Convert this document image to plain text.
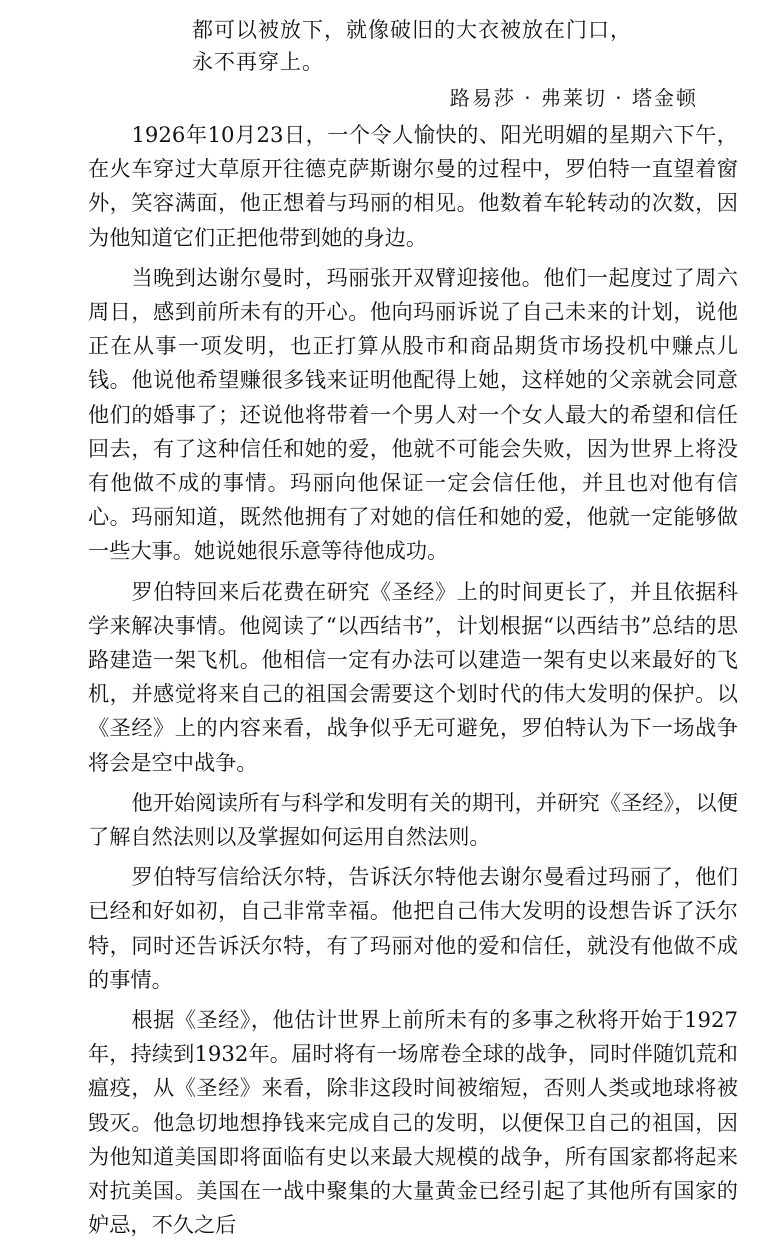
都可以被放下，就像破旧的大衣被放在门口，
永不再穿上。
路易莎 · 弗莱切 · 塔金顿

1926年10月23日，一个令人愉快的、阳光明媚的星期六下午，在火车穿过大草原开往德克萨斯谢尔曼的过程中，罗伯特一直望着窗外，笑容满面，他正想着与玛丽的相见。他数着车轮转动的次数，因为他知道它们正把他带到她的身边。

当晚到达谢尔曼时，玛丽张开双臂迎接他。他们一起度过了周六周日，感到前所未有的开心。他向玛丽诉说了自己未来的计划，说他正在从事一项发明，也正打算从股市和商品期货市场投机中赚点儿钱。他说他希望赚很多钱来证明他配得上她，这样她的父亲就会同意他们的婚事了；还说他将带着一个男人对一个女人最大的希望和信任回去，有了这种信任和她的爱，他就不可能会失败，因为世界上将没有他做不成的事情。玛丽向他保证一定会信任他，并且也对他有信心。玛丽知道，既然他拥有了对她的信任和她的爱，他就一定能够做一些大事。她说她很乐意等待他成功。

罗伯特回来后花费在研究《圣经》上的时间更长了，并且依据科学来解决事情。他阅读了“以西结书”，计划根据“以西结书”总结的思路建造一架飞机。他相信一定有办法可以建造一架有史以来最好的飞机，并感觉将来自己的祖国会需要这个划时代的伟大发明的保护。以《圣经》上的内容来看，战争似乎无可避免，罗伯特认为下一场战争将会是空中战争。

他开始阅读所有与科学和发明有关的期刊，并研究《圣经》，以便了解自然法则以及掌握如何运用自然法则。

罗伯特写信给沃尔特，告诉沃尔特他去谢尔曼看过玛丽了，他们已经和好如初，自己非常幸福。他把自己伟大发明的设想告诉了沃尔特，同时还告诉沃尔特，有了玛丽对他的爱和信任，就没有他做不成的事情。

根据《圣经》，他估计世界上前所未有的多事之秋将开始于1927年，持续到1932年。届时将有一场席卷全球的战争，同时伴随饥荒和瘟疫，从《圣经》来看，除非这段时间被缩短，否则人类或地球将被毁灭。他急切地想挣钱来完成自己的发明，以便保卫自己的祖国，因为他知道美国即将面临有史以来最大规模的战争，所有国家都将起来对抗美国。美国在一战中聚集的大量黄金已经引起了其他所有国家的妒忌，不久之后
